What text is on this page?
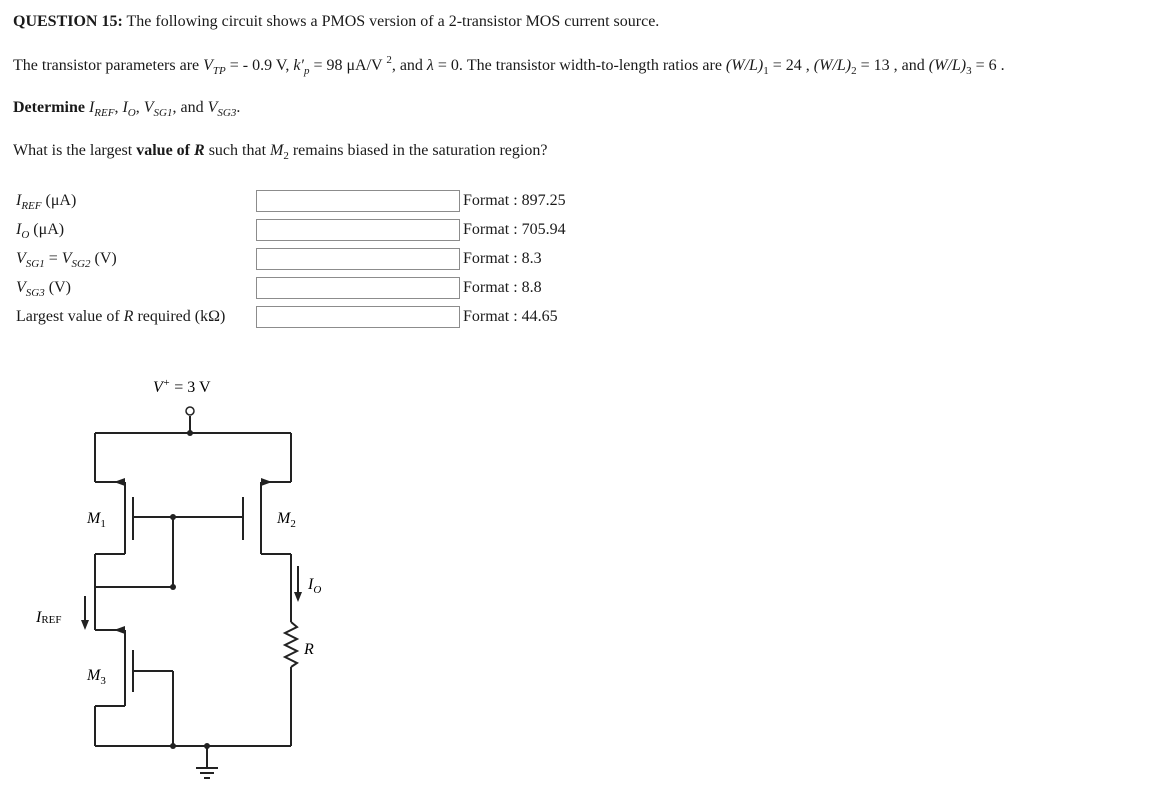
QUESTION 15: The following circuit shows a PMOS version of a 2-transistor MOS current source.
The transistor parameters are $V_{TP}$ = - 0.9 V, $k'_p = 98$ μA/V $^2$, and λ = 0. The transistor width-to-length ratios are $(W/L)_1 = 24$ , $(W/L)_2 = 13$ , and $(W/L)_3 = 6$ .
Determine $I_{REF}$, $I_O$, $V_{SG1}$, and $V_{SG3}$.
What is the largest value of R such that $M_2$ remains biased in the saturation region?
$I_{REF}$ (μA)	Format : 897.25
$I_O$ (μA)	Format : 705.94
$V_{SG1} = V_{SG2}$ (V)	Format : 8.3
$V_{SG3}$ (V)	Format : 8.8
Largest value of R required (kΩ)	Format : 44.65
V+ = 3 V
$M_1$	$M_2$
$M_3$
$I_O$
IREF
R
